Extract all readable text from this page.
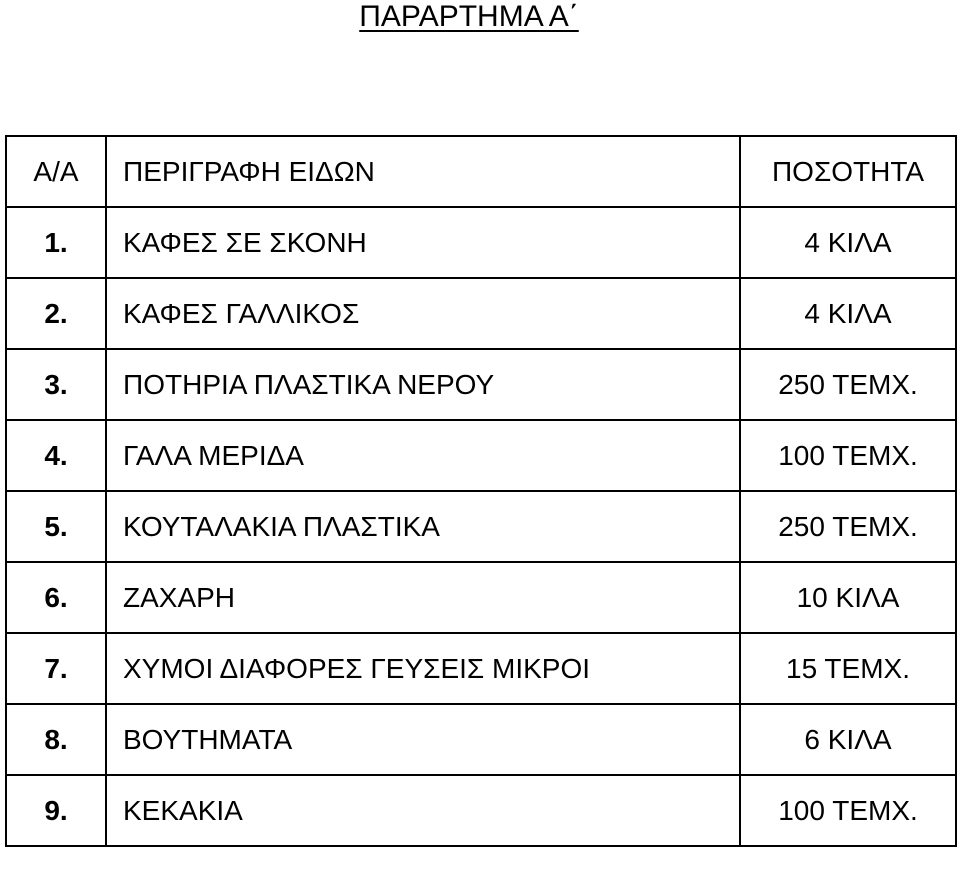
ΠΑΡΑΡΤΗΜΑ Α΄
Α/Α	ΠΕΡΙΓΡΑΦΗ ΕΙΔΩΝ	ΠΟΣΟΤΗΤΑ
1.	ΚΑΦΕΣ ΣΕ ΣΚΟΝΗ	4 ΚΙΛΑ
2.	ΚΑΦΕΣ ΓΑΛΛΙΚΟΣ	4 ΚΙΛΑ
3.	ΠΟΤΗΡΙΑ ΠΛΑΣΤΙΚΑ ΝΕΡΟΥ	250 ΤΕΜΧ.
4.	ΓΑΛΑ ΜΕΡΙΔΑ	100 ΤΕΜΧ.
5.	ΚΟΥΤΑΛΑΚΙΑ ΠΛΑΣΤΙΚΑ	250 ΤΕΜΧ.
6.	ΖΑΧΑΡΗ	10 ΚΙΛΑ
7.	ΧΥΜΟΙ ΔΙΑΦΟΡΕΣ ΓΕΥΣΕΙΣ ΜΙΚΡΟΙ	15 ΤΕΜΧ.
8.	ΒΟΥΤΗΜΑΤΑ	6 ΚΙΛΑ
9.	ΚΕΚΑΚΙΑ	100 ΤΕΜΧ.
